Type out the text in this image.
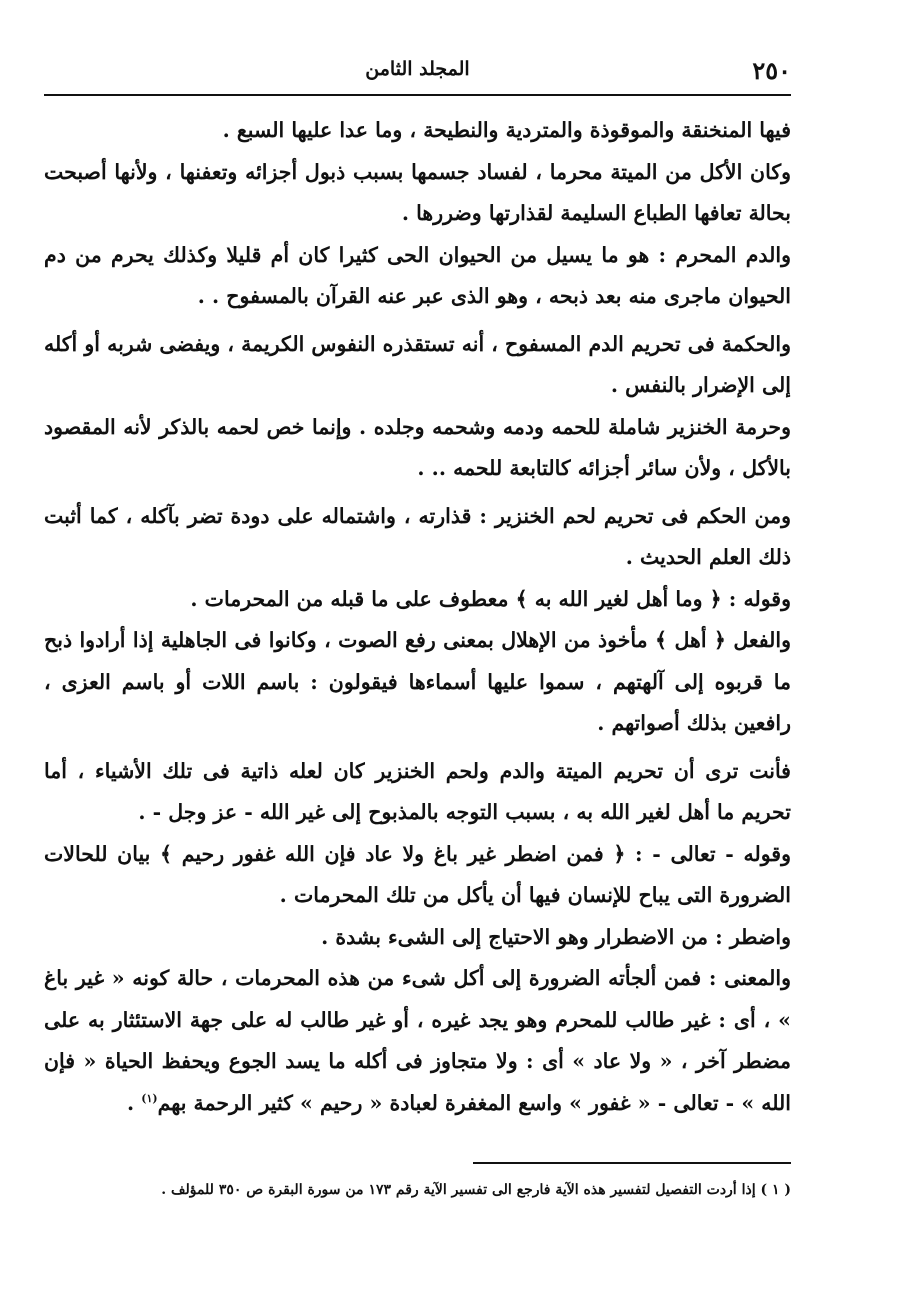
٢٥٠
المجلد الثامن

فيها المنخنقة والموقوذة والمتردية والنطيحة ، وما عدا عليها السبع .

وكان الأكل من الميتة محرما ، لفساد جسمها بسبب ذبول أجزائه وتعفنها ، ولأنها أصبحت بحالة تعافها الطباع السليمة لقذارتها وضررها .

والدم المحرم : هو ما يسيل من الحيوان الحى كثيرا كان أم قليلا وكذلك يحرم من دم الحيوان ماجرى منه بعد ذبحه ، وهو الذى عبر عنه القرآن بالمسفوح . .

والحكمة فى تحريم الدم المسفوح ، أنه تستقذره النفوس الكريمة ، ويفضى شربه أو أكله إلى الإضرار بالنفس .

وحرمة الخنزير شاملة للحمه ودمه وشحمه وجلده . وإنما خص لحمه بالذكر لأنه المقصود بالأكل ، ولأن سائر أجزائه كالتابعة للحمه .. .

ومن الحكم فى تحريم لحم الخنزير : قذارته ، واشتماله على دودة تضر بآكله ، كما أثبت ذلك العلم الحديث .

وقوله : ﴿ وما أهل لغير الله به ﴾ معطوف على ما قبله من المحرمات .

والفعل ﴿ أهل ﴾ مأخوذ من الإهلال بمعنى رفع الصوت ، وكانوا فى الجاهلية إذا أرادوا ذبح ما قربوه إلى آلهتهم ، سموا عليها أسماءها فيقولون : باسم اللات أو باسم العزى ، رافعين بذلك أصواتهم .

فأنت ترى أن تحريم الميتة والدم ولحم الخنزير كان لعله ذاتية فى تلك الأشياء ، أما تحريم ما أهل لغير الله به ، بسبب التوجه بالمذبوح إلى غير الله - عز وجل - .

وقوله - تعالى - : ﴿ فمن اضطر غير باغ ولا عاد فإن الله غفور رحيم ﴾ بيان للحالات الضرورة التى يباح للإنسان فيها أن يأكل من تلك المحرمات .

واضطر : من الاضطرار وهو الاحتياج إلى الشىء بشدة .

والمعنى : فمن ألجأته الضرورة إلى أكل شىء من هذه المحرمات ، حالة كونه « غير باغ » ، أى : غير طالب للمحرم وهو يجد غيره ، أو غير طالب له على جهة الاستئثار به على مضطر آخر ، « ولا عاد » أى : ولا متجاوز فى أكله ما يسد الجوع ويحفظ الحياة « فإن الله » - تعالى - « غفور » واسع المغفرة لعبادة « رحيم » كثير الرحمة بهم$^{(١)}$ .

( ١ ) إذا أردت التفصيل لتفسير هذه الآية فارجع الى تفسير الآية رقم ١٧٣ من سورة البقرة ص ٣٥٠ للمؤلف .
